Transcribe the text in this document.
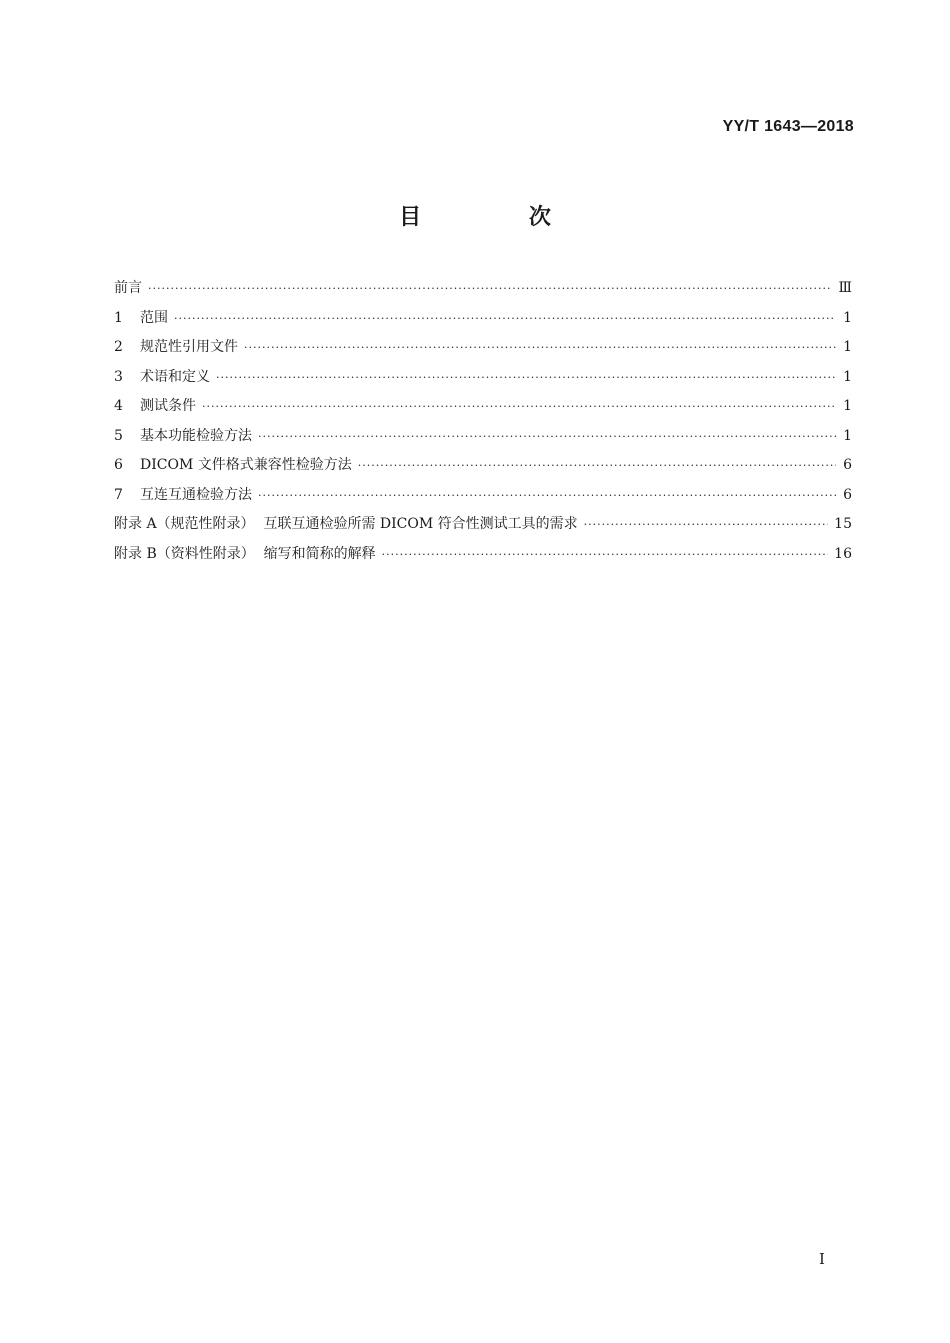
YY/T 1643—2018
目 次
前言 ·····	Ⅲ
1	范围 ·····	1
2	规范性引用文件 ·····	1
3	术语和定义 ·····	1
4	测试条件 ·····	1
5	基本功能检验方法 ·····	1
6	DICOM 文件格式兼容性检验方法 ·····	6
7	互连互通检验方法 ·····	6
附录 A（规范性附录）  互联互通检验所需 DICOM 符合性测试工具的需求 ·····	15
附录 B（资料性附录）  缩写和简称的解释 ·····	16
I
